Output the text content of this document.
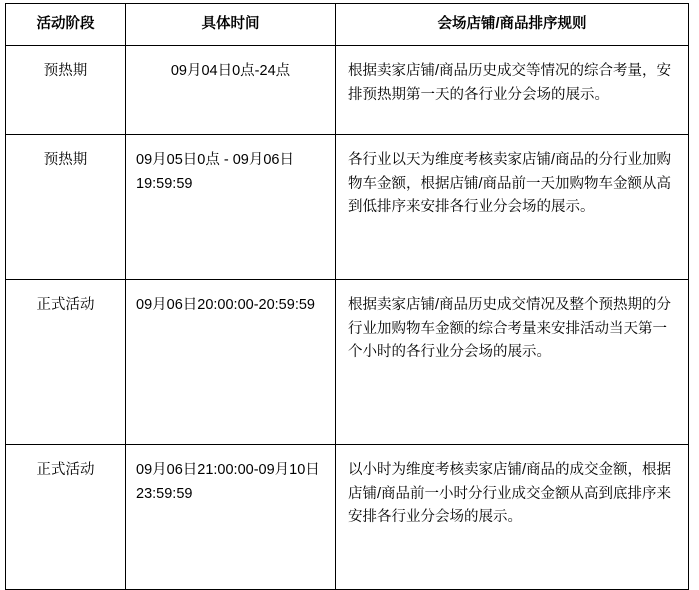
活动阶段	具体时间	会场店铺/商品排序规则
预热期	09月04日0点-24点	根据卖家店铺/商品历史成交等情况的综合考量，安排预热期第一天的各行业分会场的展示。
预热期	09月05日0点 - 09月06日19:59:59	各行业以天为维度考核卖家店铺/商品的分行业加购物车金额，根据店铺/商品前一天加购物车金额从高到低排序来安排各行业分会场的展示。
正式活动	09月06日20:00:00-20:59:59	根据卖家店铺/商品历史成交情况及整个预热期的分行业加购物车金额的综合考量来安排活动当天第一个小时的各行业分会场的展示。
正式活动	09月06日21:00:00-09月10日23:59:59	以小时为维度考核卖家店铺/商品的成交金额，根据店铺/商品前一小时分行业成交金额从高到底排序来安排各行业分会场的展示。
